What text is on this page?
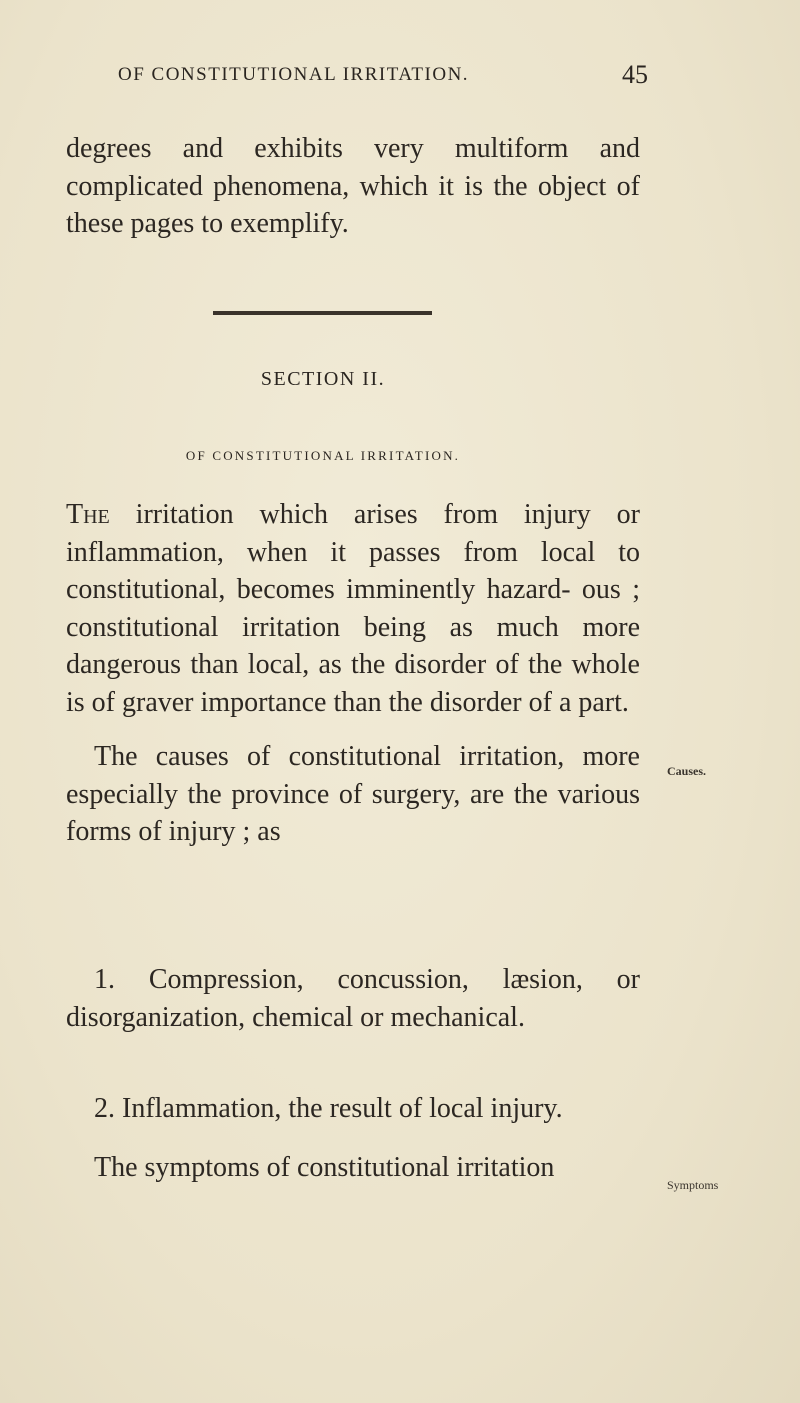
OF CONSTITUTIONAL IRRITATION.	45

degrees and exhibits very multiform and complicated phenomena, which it is the object of these pages to exemplify.

SECTION II.
OF CONSTITUTIONAL IRRITATION.

The irritation which arises from injury or inflammation, when it passes from local to constitutional, becomes imminently hazard- ous ; constitutional irritation being as much more dangerous than local, as the disorder of the whole is of graver importance than the disorder of a part.

The causes of constitutional irritation, more especially the province of surgery, are the various forms of injury ; as

1. Compression, concussion, læsion, or disorganization, chemical or mechanical.

2. Inflammation, the result of local injury.

The symptoms of constitutional irritation

Causes.
Symptoms
